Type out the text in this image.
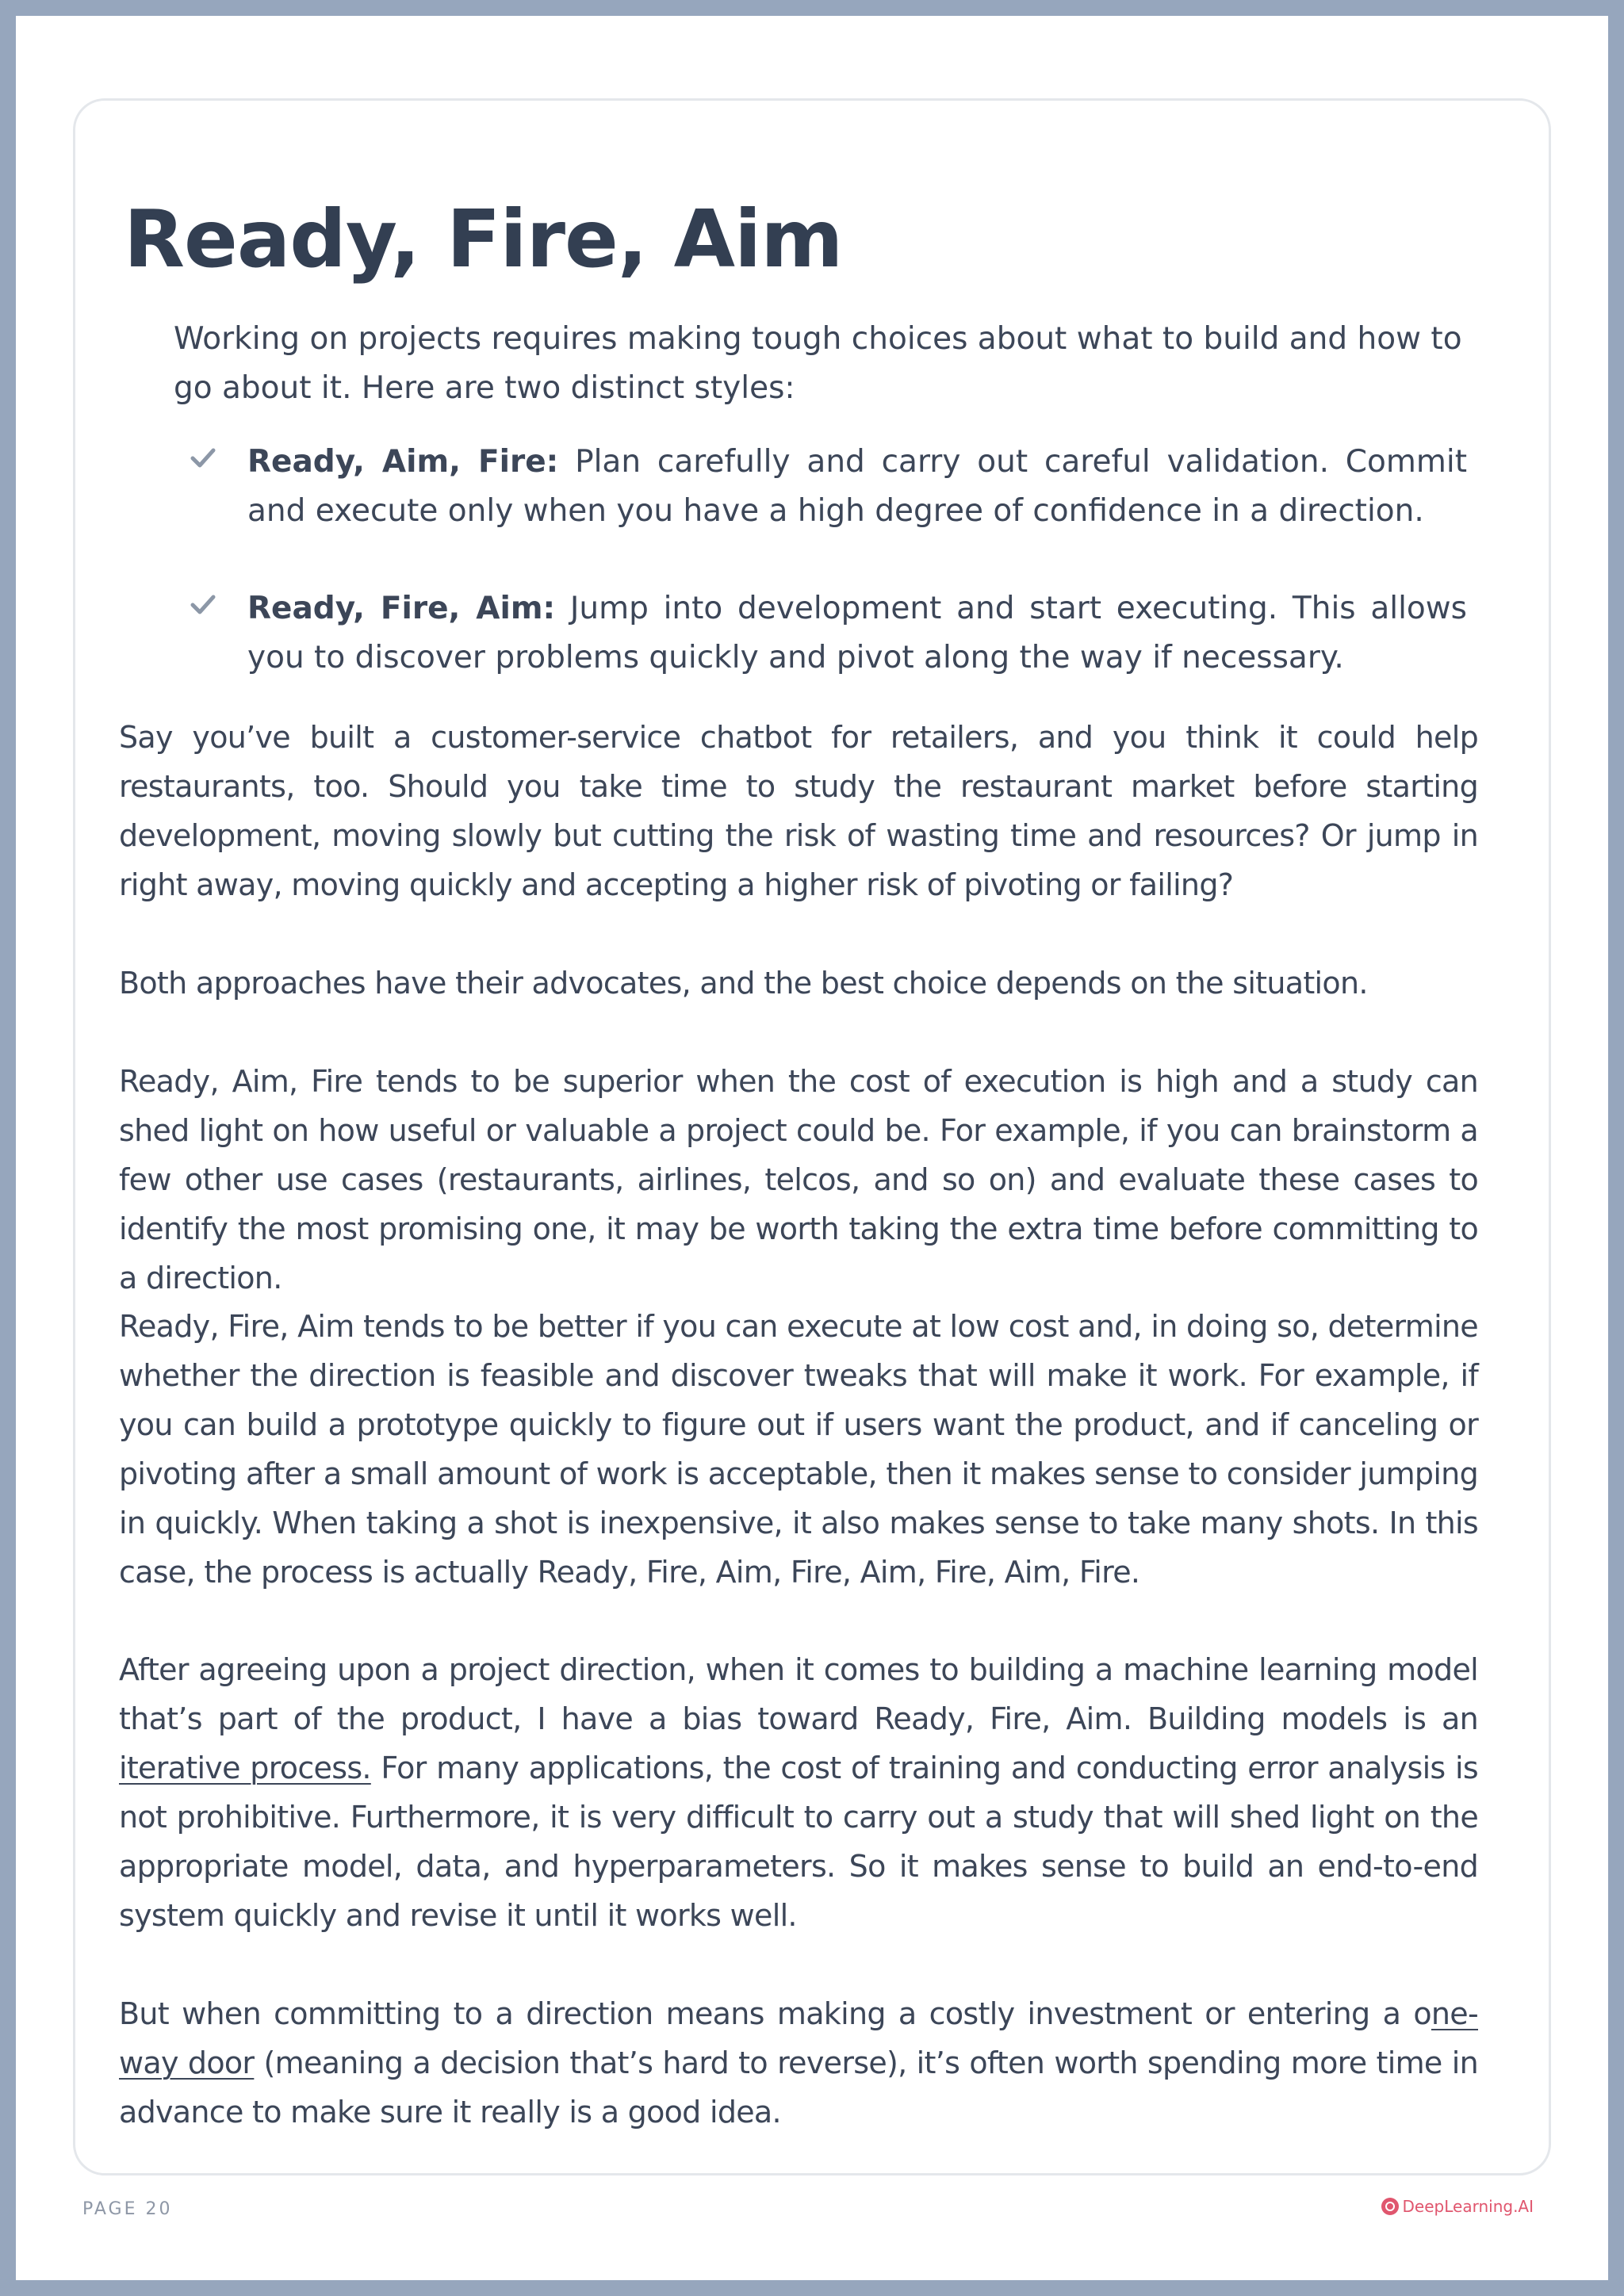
Ready, Fire, Aim

Working on projects requires making tough choices about what to build and how to go about it. Here are two distinct styles:

Ready, Aim, Fire: Plan carefully and carry out careful validation. Commit and execute only when you have a high degree of confidence in a direction.

Ready, Fire, Aim: Jump into development and start executing. This allows you to discover problems quickly and pivot along the way if necessary.

Say you’ve built a customer-service chatbot for retailers, and you think it could help restaurants, too. Should you take time to study the restaurant market before starting development, moving slowly but cutting the risk of wasting time and resources? Or jump in right away, moving quickly and accepting a higher risk of pivoting or failing?

Both approaches have their advocates, and the best choice depends on the situation.

Ready, Aim, Fire tends to be superior when the cost of execution is high and a study can shed light on how useful or valuable a project could be. For example, if you can brainstorm a few other use cases (restaurants, airlines, telcos, and so on) and evaluate these cases to identify the most promising one, it may be worth taking the extra time before committing to a direction.

Ready, Fire, Aim tends to be better if you can execute at low cost and, in doing so, determine whether the direction is feasible and discover tweaks that will make it work. For example, if you can build a prototype quickly to figure out if users want the product, and if canceling or pivoting after a small amount of work is acceptable, then it makes sense to consider jumping in quickly. When taking a shot is inexpensive, it also makes sense to take many shots. In this case, the process is actually Ready, Fire, Aim, Fire, Aim, Fire, Aim, Fire.

After agreeing upon a project direction, when it comes to building a machine learning model that’s part of the product, I have a bias toward Ready, Fire, Aim. Building models is an iterative process. For many applications, the cost of training and conducting error analysis is not prohibitive. Furthermore, it is very difficult to carry out a study that will shed light on the appropriate model, data, and hyperparameters. So it makes sense to build an end-to-end system quickly and revise it until it works well.

But when committing to a direction means making a costly investment or entering a one-way door (meaning a decision that’s hard to reverse), it’s often worth spending more time in advance to make sure it really is a good idea.

PAGE 20	DeepLearning.AI
